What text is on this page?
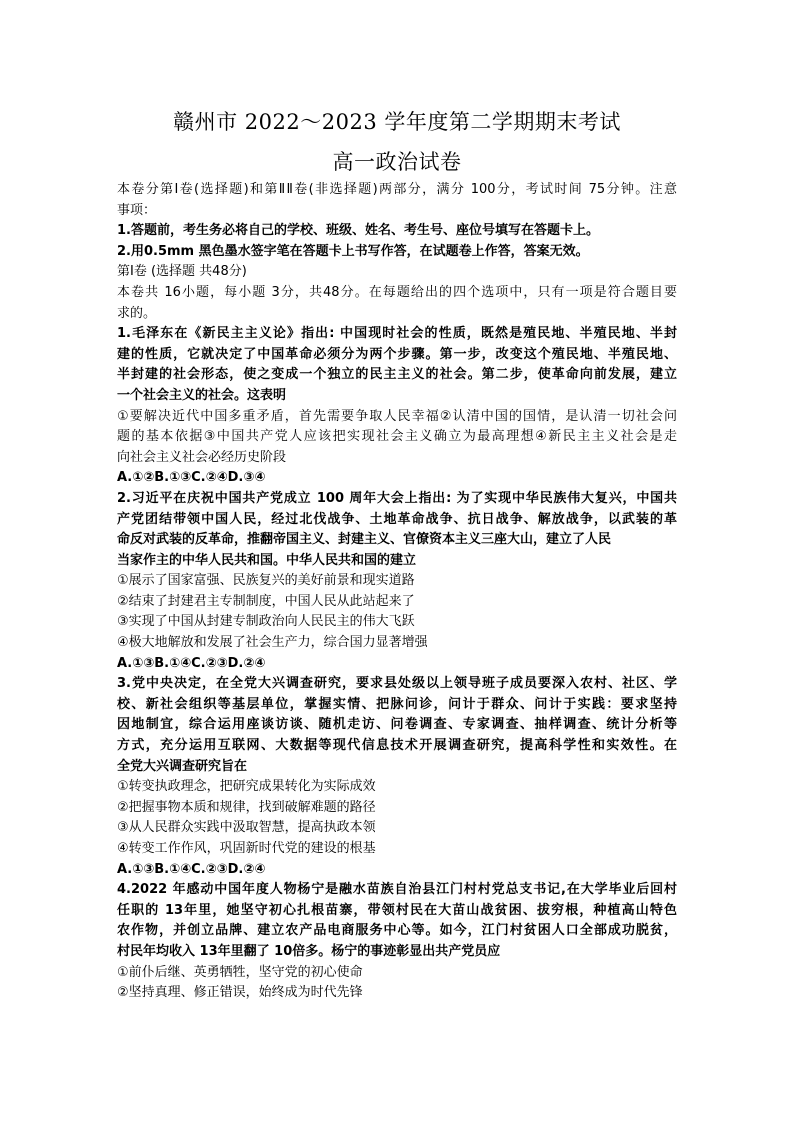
赣州市 2022～2023 学年度第二学期期末考试
高一政治试卷
本卷分第Ⅰ卷(选择题)和第ⅡⅡ卷(非选择题)两部分，满分 100分，考试时间 75分钟。注意
事项：
1.答题前，考生务必将自己的学校、班级、姓名、考生号、座位号填写在答题卡上。
2.用0.5mm 黑色墨水签字笔在答题卡上书写作答，在试题卷上作答，答案无效。
第Ⅰ卷 (选择题 共48分)
本卷共 16小题，每小题 3分，共48分。在每题给出的四个选项中，只有一项是符合题目要
求的。
1.毛泽东在《新民主主义论》指出: 中国现时社会的性质，既然是殖民地、半殖民地、半封
建的性质，它就决定了中国革命必须分为两个步骤。第一步，改变这个殖民地、半殖民地、
半封建的社会形态，使之变成一个独立的民主主义的社会。第二步，使革命向前发展，建立
一个社会主义的社会。这表明
①要解决近代中国多重矛盾，首先需要争取人民幸福②认清中国的国情，是认清一切社会问
题的基本依据③中国共产党人应该把实现社会主义确立为最高理想④新民主主义社会是走
向社会主义社会必经历史阶段
A.①②B.①③C.②④D.③④
2.习近平在庆祝中国共产党成立 100 周年大会上指出: 为了实现中华民族伟大复兴，中国共
产党团结带领中国人民，经过北伐战争、土地革命战争、抗日战争、解放战争，以武装的革
命反对武装的反革命，推翻帝国主义、封建主义、官僚资本主义三座大山，建立了人民
当家作主的中华人民共和国。中华人民共和国的建立
①展示了国家富强、民族复兴的美好前景和现实道路
②结束了封建君主专制制度，中国人民从此站起来了
③实现了中国从封建专制政治向人民民主的伟大飞跃
④极大地解放和发展了社会生产力，综合国力显著增强
A.①③B.①④C.②③D.②④
3.党中央决定，在全党大兴调查研究，要求县处级以上领导班子成员要深入农村、社区、学
校、新社会组织等基层单位，掌握实情、把脉问诊，问计于群众、问计于实践：要求坚持
因地制宜，综合运用座谈访谈、随机走访、问卷调查、专家调查、抽样调查、统计分析等
方式，充分运用互联网、大数据等现代信息技术开展调查研究，提高科学性和实效性。在
全党大兴调查研究旨在
①转变执政理念，把研究成果转化为实际成效
②把握事物本质和规律，找到破解难题的路径
③从人民群众实践中汲取智慧，提高执政本领
④转变工作作风，巩固新时代党的建设的根基
A.①③B.①④C.②③D.②④
4.2022 年感动中国年度人物杨宁是融水苗族自治县江门村村党总支书记,在大学毕业后回村
任职的 13年里，她坚守初心扎根苗寨，带领村民在大苗山战贫困、拔穷根，种植高山特色
农作物，并创立品牌、建立农产品电商服务中心等。如今，江门村贫困人口全部成功脱贫，
村民年均收入 13年里翻了 10倍多。杨宁的事迹彰显出共产党员应
①前仆后继、英勇牺牲，坚守党的初心使命
②坚持真理、修正错误，始终成为时代先锋
